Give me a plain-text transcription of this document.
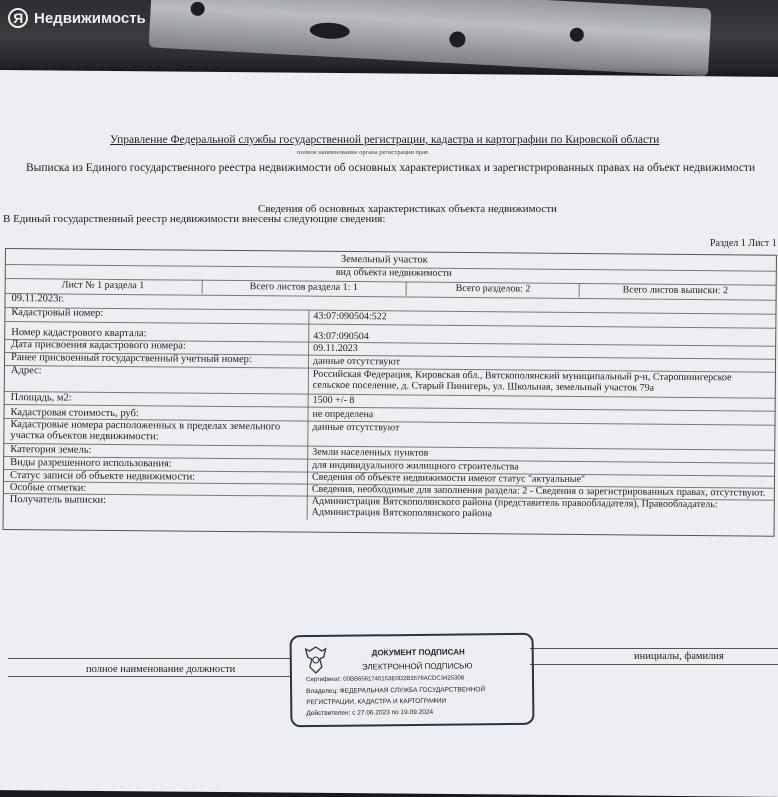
Я Недвижимость
Управление Федеральной службы государственной регистрации, кадастра и картографии по Кировской области
полное наименование органа регистрации прав
Выписка из Единого государственного реестра недвижимости об основных характеристиках и зарегистрированных правах на объект недвижимости
Сведения об основных характеристиках объекта недвижимости
В Единый государственный реестр недвижимости внесены следующие сведения:
Раздел 1 Лист 1
Земельный участок
вид объекта недвижимости
Лист № 1 раздела 1	Всего листов раздела 1: 1	Всего разделов: 2	Всего листов выписки: 2
09.11.2023г.
Кадастровый номер:	43:07:090504:522
Номер кадастрового квартала:	43:07:090504
Дата присвоения кадастрового номера:	09.11.2023
Ранее присвоенный государственный учетный номер:	данные отсутствуют
Адрес:	Российская Федерация, Кировская обл., Вятскополянский муниципальный р-н, Старопинигерское сельское поселение, д. Старый Пинигерь, ул. Школьная, земельный участок 79а
Площадь, м2:	1500 +/- 8
Кадастровая стоимость, руб:	не определена
Кадастровые номера расположенных в пределах земельного участка объектов недвижимости:
данные отсутствуют
Категория земель:	Земли населенных пунктов
Виды разрешенного использования:	для индивидуального жилищного строительства
Статус записи об объекте недвижимости:	Сведения об объекте недвижимости имеют статус "актуальные"
Особые отметки:	Сведения, необходимые для заполнения раздела: 2 - Сведения о зарегистрированных правах, отсутствуют.
Получатель выписки:	Администрация Вятскополянского района (представитель правообладателя), Правообладатель: Администрация Вятскополянского района
полное наименование должности
инициалы, фамилия
ДОКУМЕНТ ПОДПИСАН
ЭЛЕКТРОННОЙ ПОДПИСЬЮ
Сертификат: 00BB6561740153E0D2B3576ACDC3425308
Владелец: ФЕДЕРАЛЬНАЯ СЛУЖБА ГОСУДАРСТВЕННОЙ
РЕГИСТРАЦИИ, КАДАСТРА И КАРТОГРАФИИ
Действителен: с 27.06.2023 по 19.09.2024
